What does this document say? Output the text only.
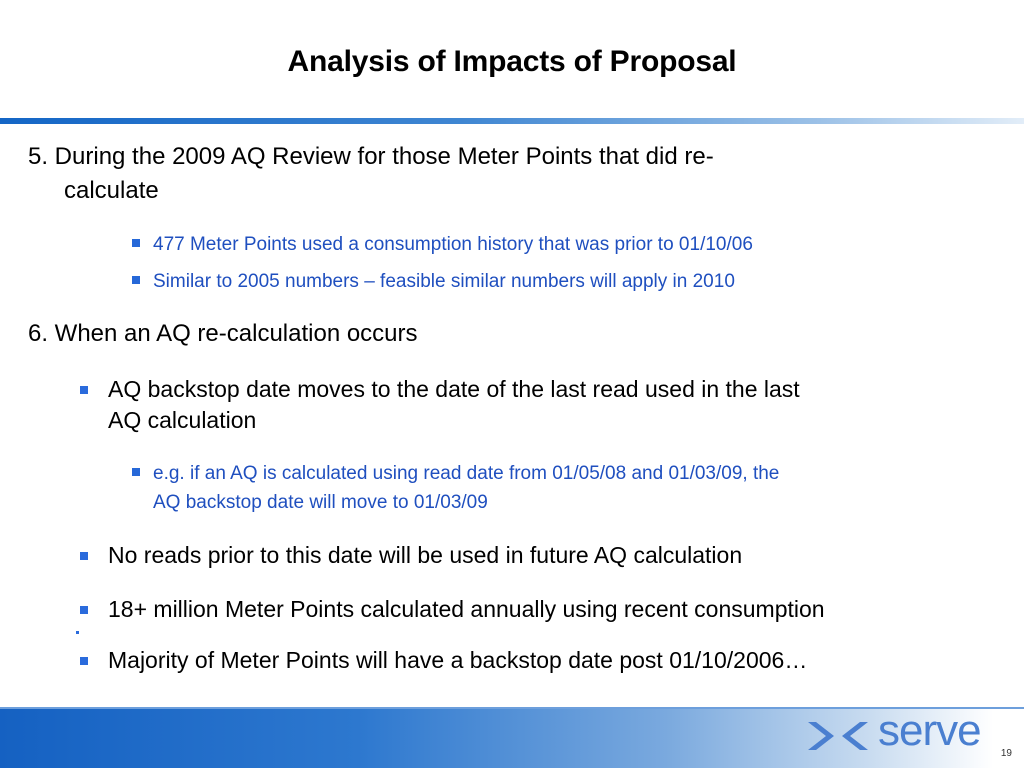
Analysis of Impacts of Proposal
5. During the 2009 AQ Review for those Meter Points that did re-
calculate
477 Meter Points used a consumption history that was prior to 01/10/06
Similar to 2005 numbers – feasible similar numbers will apply in 2010
6. When an AQ re-calculation occurs
AQ backstop date moves to the date of the last read used in the last
AQ calculation
e.g. if an AQ is calculated using read date from 01/05/08 and 01/03/09, the
AQ backstop date will move to 01/03/09
No reads prior to this date will be used in future AQ calculation
18+ million Meter Points calculated annually using recent consumption
Majority of Meter Points will have a backstop date post 01/10/2006…
serve 19
